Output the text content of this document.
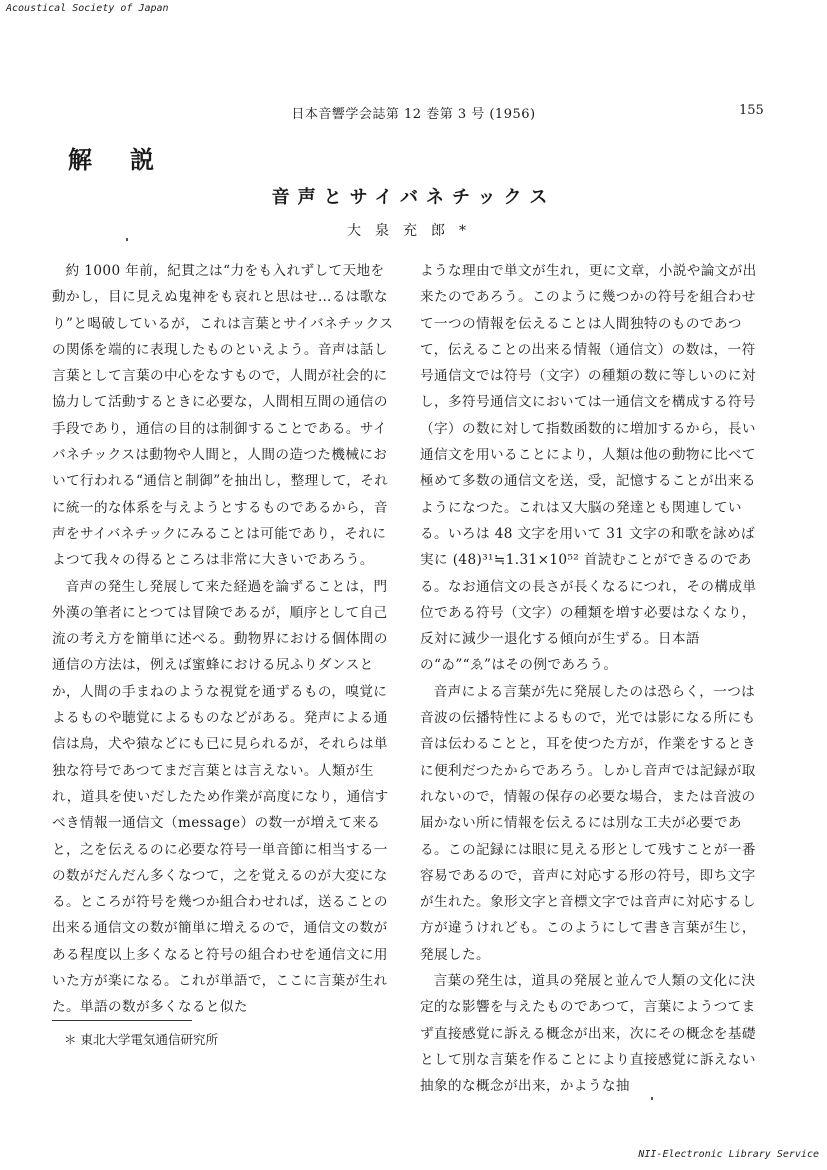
Acoustical Society of Japan
日本音響学会誌第 12 巻第 3 号 (1956)	155
解説
音声とサイバネチックス
大泉充郎*

約 1000 年前，紀貫之は“力をも入れずして天地を動かし，目に見えぬ鬼神をも哀れと思はせ…るは歌なり”と喝破しているが，これは言葉とサイバネチックスの関係を端的に表現したものといえよう。音声は話し言葉として言葉の中心をなすもので，人間が社会的に協力して活動するときに必要な，人間相互間の通信の手段であり，通信の目的は制御することである。サイバネチックスは動物や人間と，人間の造つた機械において行われる“通信と制御”を抽出し，整理して，それに統一的な体系を与えようとするものであるから，音声をサイバネチックにみることは可能であり，それによつて我々の得るところは非常に大きいであろう。

音声の発生し発展して来た経過を論ずることは，門外漢の筆者にとつては冒険であるが，順序として自己流の考え方を簡単に述べる。動物界における個体間の通信の方法は，例えば蜜蜂における尻ふりダンスとか，人間の手まねのような視覚を通ずるもの，嗅覚によるものや聴覚によるものなどがある。発声による通信は鳥，犬や猿などにも已に見られるが，それらは単独な符号であつてまだ言葉とは言えない。人類が生れ，道具を使いだしたため作業が高度になり，通信すべき情報一通信文（message）の数一が増えて来ると，之を伝えるのに必要な符号一単音節に相当する一の数がだんだん多くなつて，之を覚えるのが大変になる。ところが符号を幾つか組合わせれば，送ることの出来る通信文の数が簡単に増えるので，通信文の数がある程度以上多くなると符号の組合わせを通信文に用いた方が楽になる。これが単語で，ここに言葉が生れた。単語の数が多くなると似た

ような理由で単文が生れ，更に文章，小説や論文が出来たのであろう。このように幾つかの符号を組合わせて一つの情報を伝えることは人間独特のものであつて，伝えることの出来る情報（通信文）の数は，一符号通信文では符号（文字）の種類の数に等しいのに対し，多符号通信文においては一通信文を構成する符号（字）の数に対して指数函数的に増加するから，長い通信文を用いることにより，人類は他の動物に比べて極めて多数の通信文を送，受，記憶することが出来るようになつた。これは又大脳の発達とも関連している。いろは 48 文字を用いて 31 文字の和歌を詠めば実に (48)³¹≒1.31×10⁵² 首読むことができるのである。なお通信文の長さが長くなるにつれ，その構成単位である符号（文字）の種類を増す必要はなくなり，反対に減少一退化する傾向が生ずる。日本語の“ゐ”“ゑ”はその例であろう。

音声による言葉が先に発展したのは恐らく，一つは音波の伝播特性によるもので，光では影になる所にも音は伝わることと，耳を使つた方が，作業をするときに便利だつたからであろう。しかし音声では記録が取れないので，情報の保存の必要な場合，または音波の届かない所に情報を伝えるには別な工夫が必要である。この記録には眼に見える形として残すことが一番容易であるので，音声に対応する形の符号，即ち文字が生れた。象形文字と音標文字では音声に対応するし方が違うけれども。このようにして書き言葉が生じ，発展した。

言葉の発生は，道具の発展と並んで人類の文化に決定的な影響を与えたものであつて，言葉にようつてまず直接感覚に訴える概念が出来，次にその概念を基礎として別な言葉を作ることにより直接感覚に訴えない抽象的な概念が出来，かような抽

＊ 東北大学電気通信研究所
NII-Electronic Library Service
